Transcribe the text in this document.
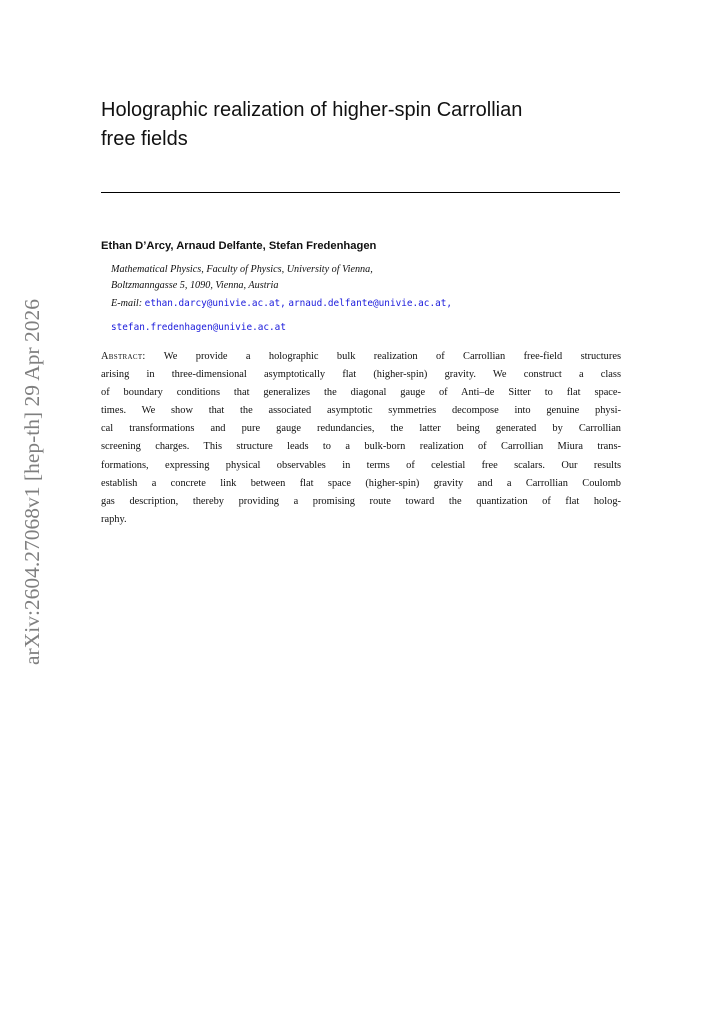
Holographic realization of higher-spin Carrollian
free fields
Ethan D’Arcy, Arnaud Delfante, Stefan Fredenhagen
Mathematical Physics, Faculty of Physics, University of Vienna,
Boltzmanngasse 5, 1090, Vienna, Austria
E-mail: ethan.darcy@univie.ac.at, arnaud.delfante@univie.ac.at,
stefan.fredenhagen@univie.ac.at
Abstract: We provide a holographic bulk realization of Carrollian free-field structures
arising in three-dimensional asymptotically flat (higher-spin) gravity. We construct a class
of boundary conditions that generalizes the diagonal gauge of Anti–de Sitter to flat space-
times. We show that the associated asymptotic symmetries decompose into genuine physi-
cal transformations and pure gauge redundancies, the latter being generated by Carrollian
screening charges. This structure leads to a bulk-born realization of Carrollian Miura trans-
formations, expressing physical observables in terms of celestial free scalars. Our results
establish a concrete link between flat space (higher-spin) gravity and a Carrollian Coulomb
gas description, thereby providing a promising route toward the quantization of flat holog-
raphy.
arXiv:2604.27068v1 [hep-th] 29 Apr 2026
